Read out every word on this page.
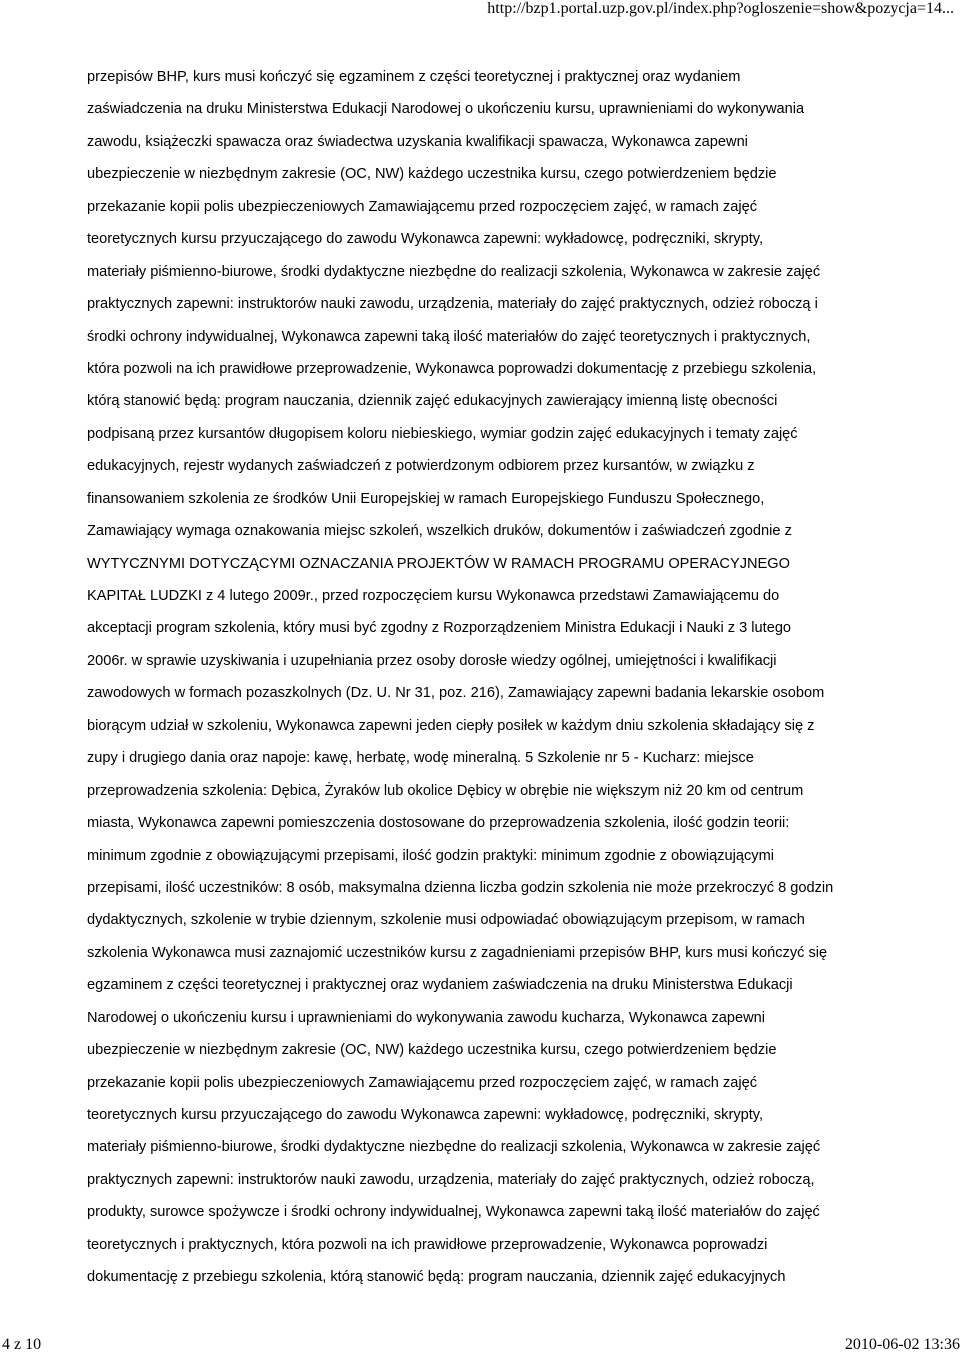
http://bzp1.portal.uzp.gov.pl/index.php?ogloszenie=show&pozycja=14...
przepisów BHP, kurs musi kończyć się egzaminem z części teoretycznej i praktycznej oraz wydaniem
zaświadczenia na druku Ministerstwa Edukacji Narodowej o ukończeniu kursu, uprawnieniami do wykonywania
zawodu, książeczki spawacza oraz świadectwa uzyskania kwalifikacji spawacza, Wykonawca zapewni
ubezpieczenie w niezbędnym zakresie (OC, NW) każdego uczestnika kursu, czego potwierdzeniem będzie
przekazanie kopii polis ubezpieczeniowych Zamawiającemu przed rozpoczęciem zajęć, w ramach zajęć
teoretycznych kursu przyuczającego do zawodu Wykonawca zapewni: wykładowcę, podręczniki, skrypty,
materiały piśmienno-biurowe, środki dydaktyczne niezbędne do realizacji szkolenia, Wykonawca w zakresie zajęć
praktycznych zapewni: instruktorów nauki zawodu, urządzenia, materiały do zajęć praktycznych, odzież roboczą i
środki ochrony indywidualnej, Wykonawca zapewni taką ilość materiałów do zajęć teoretycznych i praktycznych,
która pozwoli na ich prawidłowe przeprowadzenie, Wykonawca poprowadzi dokumentację z przebiegu szkolenia,
którą stanowić będą: program nauczania, dziennik zajęć edukacyjnych zawierający imienną listę obecności
podpisaną przez kursantów długopisem koloru niebieskiego, wymiar godzin zajęć edukacyjnych i tematy zajęć
edukacyjnych, rejestr wydanych zaświadczeń z potwierdzonym odbiorem przez kursantów, w związku z
finansowaniem szkolenia ze środków Unii Europejskiej w ramach Europejskiego Funduszu Społecznego,
Zamawiający wymaga oznakowania miejsc szkoleń, wszelkich druków, dokumentów i zaświadczeń zgodnie z
WYTYCZNYMI DOTYCZĄCYMI OZNACZANIA PROJEKTÓW W RAMACH PROGRAMU OPERACYJNEGO
KAPITAŁ LUDZKI z 4 lutego 2009r., przed rozpoczęciem kursu Wykonawca przedstawi Zamawiającemu do
akceptacji program szkolenia, który musi być zgodny z Rozporządzeniem Ministra Edukacji i Nauki z 3 lutego
2006r. w sprawie uzyskiwania i uzupełniania przez osoby dorosłe wiedzy ogólnej, umiejętności i kwalifikacji
zawodowych w formach pozaszkolnych (Dz. U. Nr 31, poz. 216), Zamawiający zapewni badania lekarskie osobom
biorącym udział w szkoleniu, Wykonawca zapewni jeden ciepły posiłek w każdym dniu szkolenia składający się z
zupy i drugiego dania oraz napoje: kawę, herbatę, wodę mineralną. 5 Szkolenie nr 5 - Kucharz: miejsce
przeprowadzenia szkolenia: Dębica, Żyraków lub okolice Dębicy w obrębie nie większym niż 20 km od centrum
miasta, Wykonawca zapewni pomieszczenia dostosowane do przeprowadzenia szkolenia, ilość godzin teorii:
minimum zgodnie z obowiązującymi przepisami, ilość godzin praktyki: minimum zgodnie z obowiązującymi
przepisami, ilość uczestników: 8 osób, maksymalna dzienna liczba godzin szkolenia nie może przekroczyć 8 godzin
dydaktycznych, szkolenie w trybie dziennym, szkolenie musi odpowiadać obowiązującym przepisom, w ramach
szkolenia Wykonawca musi zaznajomić uczestników kursu z zagadnieniami przepisów BHP, kurs musi kończyć się
egzaminem z części teoretycznej i praktycznej oraz wydaniem zaświadczenia na druku Ministerstwa Edukacji
Narodowej o ukończeniu kursu i uprawnieniami do wykonywania zawodu kucharza, Wykonawca zapewni
ubezpieczenie w niezbędnym zakresie (OC, NW) każdego uczestnika kursu, czego potwierdzeniem będzie
przekazanie kopii polis ubezpieczeniowych Zamawiającemu przed rozpoczęciem zajęć, w ramach zajęć
teoretycznych kursu przyuczającego do zawodu Wykonawca zapewni: wykładowcę, podręczniki, skrypty,
materiały piśmienno-biurowe, środki dydaktyczne niezbędne do realizacji szkolenia, Wykonawca w zakresie zajęć
praktycznych zapewni: instruktorów nauki zawodu, urządzenia, materiały do zajęć praktycznych, odzież roboczą,
produkty, surowce spożywcze i środki ochrony indywidualnej, Wykonawca zapewni taką ilość materiałów do zajęć
teoretycznych i praktycznych, która pozwoli na ich prawidłowe przeprowadzenie, Wykonawca poprowadzi
dokumentację z przebiegu szkolenia, którą stanowić będą: program nauczania, dziennik zajęć edukacyjnych
4 z 10	2010-06-02 13:36
